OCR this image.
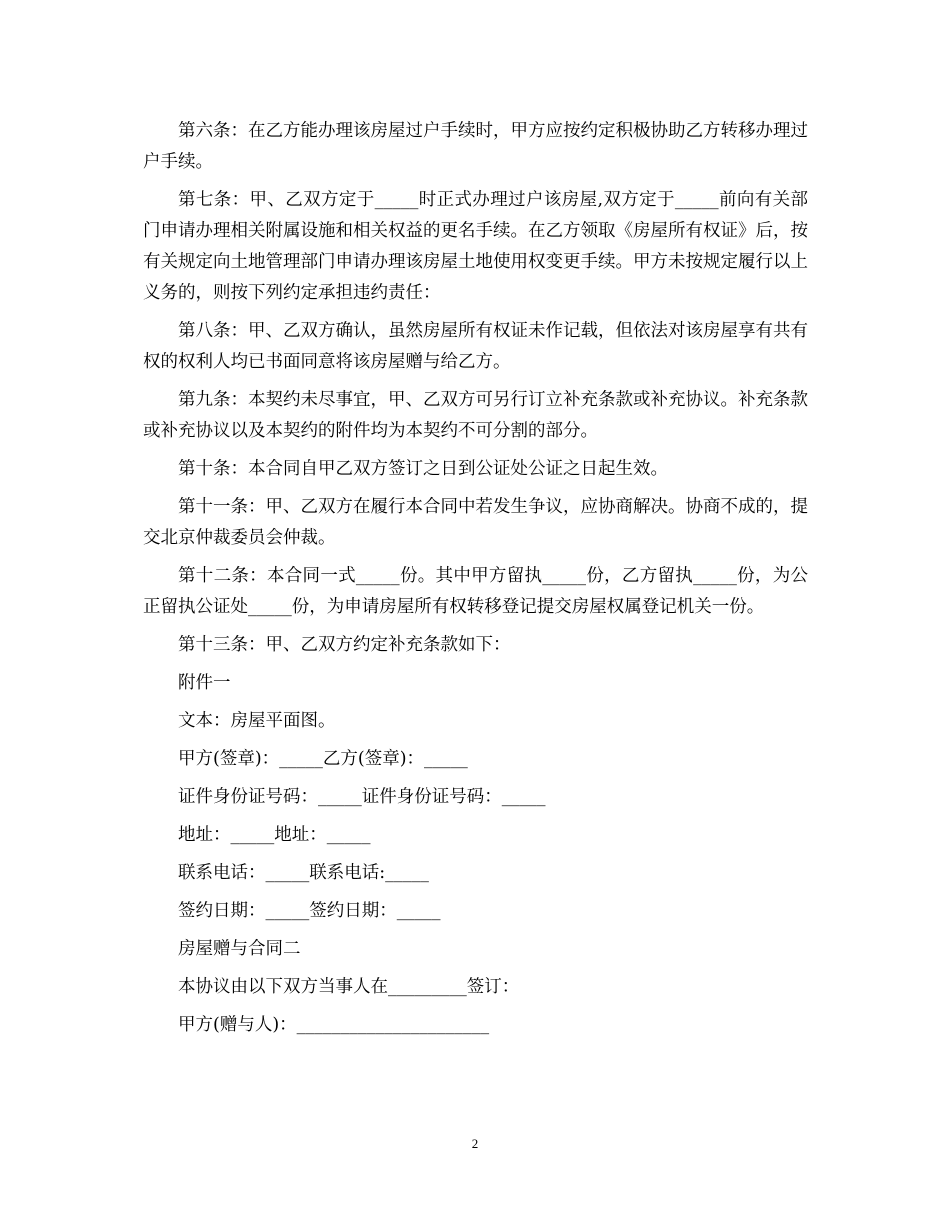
第六条：在乙方能办理该房屋过户手续时，甲方应按约定积极协助乙方转移办理过户手续。

第七条：甲、乙双方定于_____时正式办理过户该房屋,双方定于_____前向有关部门申请办理相关附属设施和相关权益的更名手续。在乙方领取《房屋所有权证》后，按有关规定向土地管理部门申请办理该房屋土地使用权变更手续。甲方未按规定履行以上义务的，则按下列约定承担违约责任：

第八条：甲、乙双方确认，虽然房屋所有权证未作记载，但依法对该房屋享有共有权的权利人均已书面同意将该房屋赠与给乙方。

第九条：本契约未尽事宜，甲、乙双方可另行订立补充条款或补充协议。补充条款或补充协议以及本契约的附件均为本契约不可分割的部分。

第十条：本合同自甲乙双方签订之日到公证处公证之日起生效。

第十一条：甲、乙双方在履行本合同中若发生争议，应协商解决。协商不成的，提交北京仲裁委员会仲裁。

第十二条：本合同一式_____份。其中甲方留执_____份，乙方留执_____份，为公正留执公证处_____份，为申请房屋所有权转移登记提交房屋权属登记机关一份。

第十三条：甲、乙双方约定补充条款如下：

附件一

文本：房屋平面图。

甲方(签章)：_____乙方(签章)：_____

证件身份证号码：_____证件身份证号码：_____

地址：_____地址：_____

联系电话：_____联系电话:_____

签约日期：_____签约日期：_____

房屋赠与合同二

本协议由以下双方当事人在_________签订：

甲方(赠与人)：______________________

2
